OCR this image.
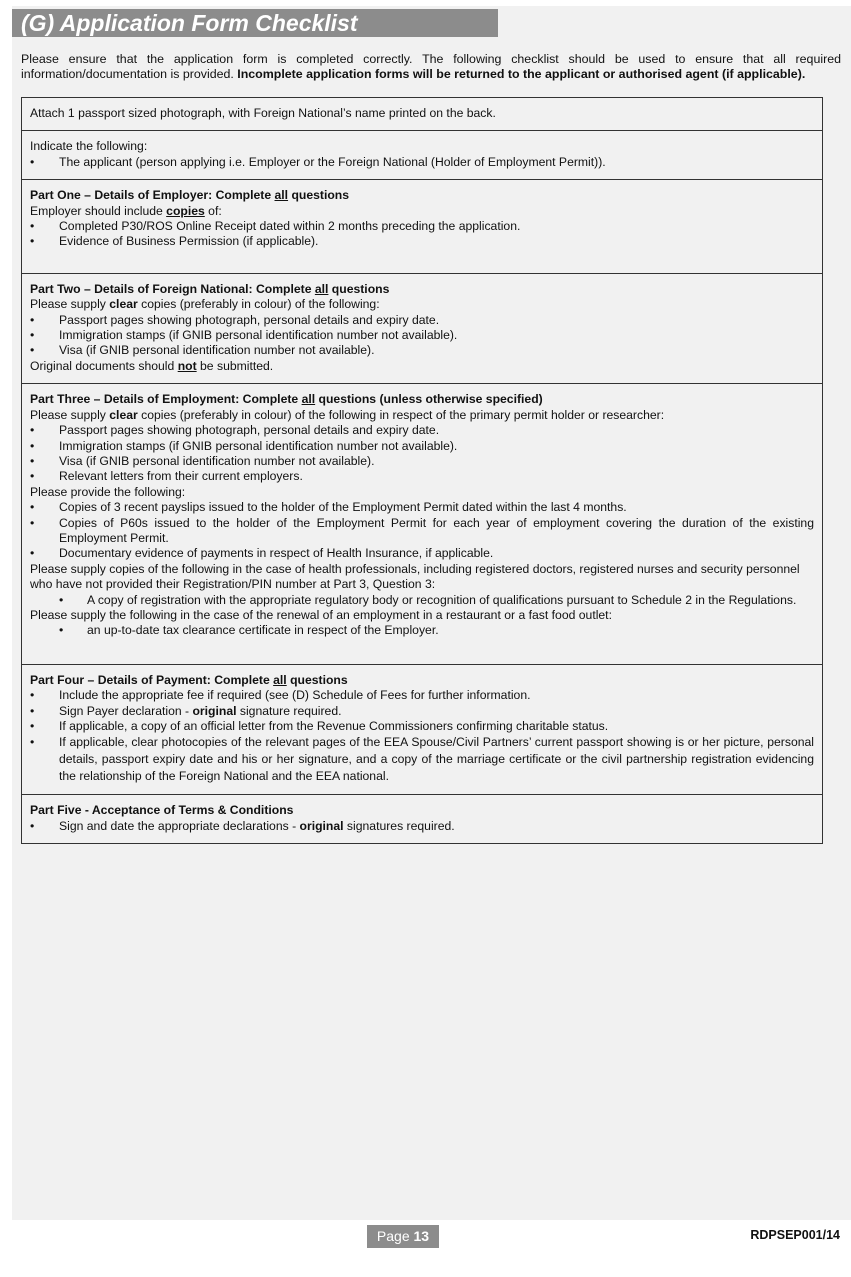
(G) Application Form Checklist

Please ensure that the application form is completed correctly. The following checklist should be used to ensure that all required information/documentation is provided. Incomplete application forms will be returned to the applicant or authorised agent (if applicable).

Attach 1 passport sized photograph, with Foreign National’s name printed on the back.

Indicate the following:

• The applicant (person applying i.e. Employer or the Foreign National (Holder of Employment Permit)).

Part One – Details of Employer: Complete all questions

Employer should include copies of:

• Completed P30/ROS Online Receipt dated within 2 months preceding the application.
• Evidence of Business Permission (if applicable).

Part Two – Details of Foreign National: Complete all questions

Please supply clear copies (preferably in colour) of the following:

• Passport pages showing photograph, personal details and expiry date.
• Immigration stamps (if GNIB personal identification number not available).
• Visa (if GNIB personal identification number not available).

Original documents should not be submitted.

Part Three – Details of Employment: Complete all questions (unless otherwise specified)

Please supply clear copies (preferably in colour) of the following in respect of the primary permit holder or researcher:

• Passport pages showing photograph, personal details and expiry date.
• Immigration stamps (if GNIB personal identification number not available).
• Visa (if GNIB personal identification number not available).
• Relevant letters from their current employers.

Please provide the following:

• Copies of 3 recent payslips issued to the holder of the Employment Permit dated within the last 4 months.
• Copies of P60s issued to the holder of the Employment Permit for each year of employment covering the duration of the existing Employment Permit.
• Documentary evidence of payments in respect of Health Insurance, if applicable.

Please supply copies of the following in the case of health professionals, including registered doctors, registered nurses and security personnel who have not provided their Registration/PIN number at Part 3, Question 3:

• A copy of registration with the appropriate regulatory body or recognition of qualifications pursuant to Schedule 2 in the Regulations.

Please supply the following in the case of the renewal of an employment in a restaurant or a fast food outlet:

• an up-to-date tax clearance certificate in respect of the Employer.

Part Four – Details of Payment: Complete all questions

• Include the appropriate fee if required (see (D) Schedule of Fees for further information.
• Sign Payer declaration - original signature required.
• If applicable, a copy of an official letter from the Revenue Commissioners confirming charitable status.
• If applicable, clear photocopies of the relevant pages of the EEA Spouse/Civil Partners’ current passport showing is or her picture, personal details, passport expiry date and his or her signature, and a copy of the marriage certificate or the civil partnership registration evidencing the relationship of the Foreign National and the EEA national.

Part Five - Acceptance of Terms & Conditions

• Sign and date the appropriate declarations - original signatures required.
Page 13	RDPSEP001/14
